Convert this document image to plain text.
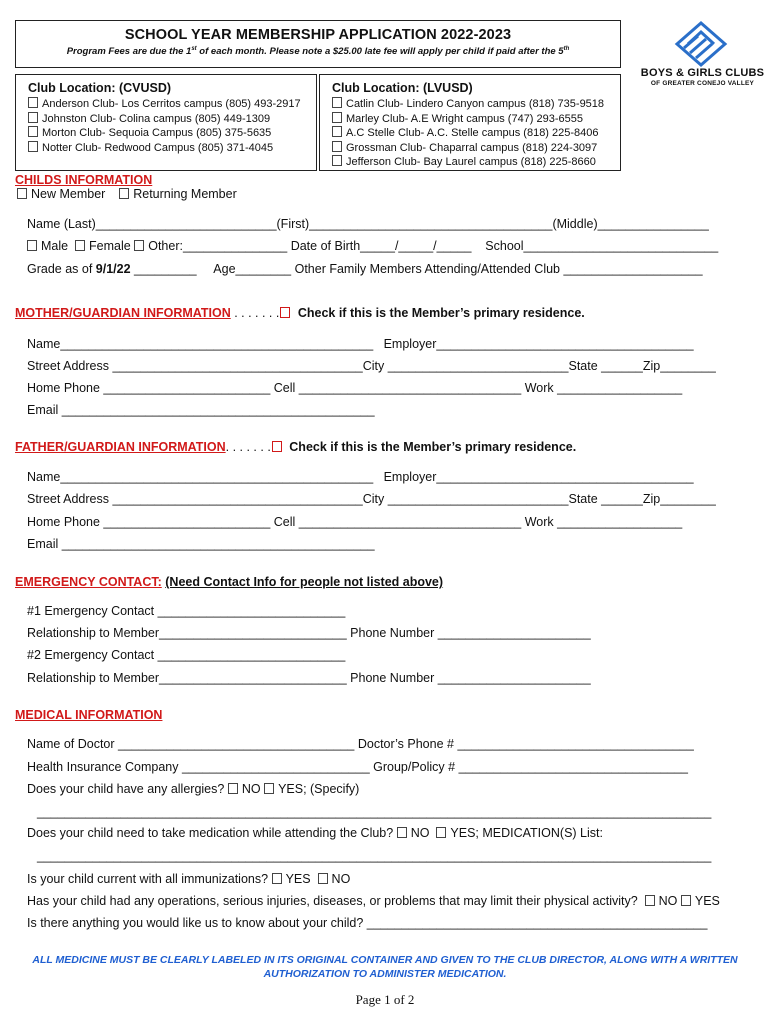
SCHOOL YEAR MEMBERSHIP APPLICATION 2022-2023
Program Fees are due the 1st of each month. Please note a $25.00 late fee will apply per child if paid after the 5th
BOYS & GIRLS CLUBS
OF GREATER CONEJO VALLEY
Club Location: (CVUSD)
Anderson Club- Los Cerritos campus (805) 493-2917
Johnston Club- Colina campus (805) 449-1309
Morton Club- Sequoia Campus (805) 375-5635
Notter Club- Redwood Campus (805) 371-4045
Club Location: (LVUSD)
Catlin Club- Lindero Canyon campus (818) 735-9518
Marley Club- A.E Wright campus (747) 293-6555
A.C Stelle Club- A.C. Stelle campus (818) 225-8406
Grossman Club- Chaparral campus (818) 224-3097
Jefferson Club- Bay Laurel campus (818) 225-8660
CHILDS INFORMATION
New Member Returning Member
Name (Last)__________________________(First)___________________________________(Middle)________________
Male Female Other:_______________ Date of Birth_____/_____/_____    School____________________________
Grade as of 9/1/22 _________     Age________ Other Family Members Attending/Attended Club ____________________
MOTHER/GUARDIAN INFORMATION . . . . . . . Check if this is the Member’s primary residence.
Name_____________________________________________   Employer_____________________________________
Street Address ____________________________________City __________________________State ______Zip________
Home Phone ________________________ Cell ________________________________ Work __________________
Email _____________________________________________
FATHER/GUARDIAN INFORMATION. . . . . . . Check if this is the Member’s primary residence.
Name_____________________________________________   Employer_____________________________________
Street Address ____________________________________City __________________________State ______Zip________
Home Phone ________________________ Cell ________________________________ Work __________________
Email _____________________________________________
EMERGENCY CONTACT: (Need Contact Info for people not listed above)
#1 Emergency Contact ___________________________
Relationship to Member___________________________ Phone Number ______________________
#2 Emergency Contact ___________________________
Relationship to Member___________________________ Phone Number ______________________
MEDICAL INFORMATION
Name of Doctor __________________________________ Doctor’s Phone # __________________________________
Health Insurance Company ___________________________ Group/Policy # _________________________________
Does your child have any allergies? NO YES; (Specify)
_________________________________________________________________________________________________
Does your child need to take medication while attending the Club? NO  YES; MEDICATION(S) List:
_________________________________________________________________________________________________
Is your child current with all immunizations? YES  NO
Has your child had any operations, serious injuries, diseases, or problems that may limit their physical activity? NO YES
Is there anything you would like us to know about your child? _________________________________________________
ALL MEDICINE MUST BE CLEARLY LABELED IN ITS ORIGINAL CONTAINER AND GIVEN TO THE CLUB DIRECTOR, ALONG WITH A WRITTEN AUTHORIZATION TO ADMINISTER MEDICATION.
Page 1 of 2
